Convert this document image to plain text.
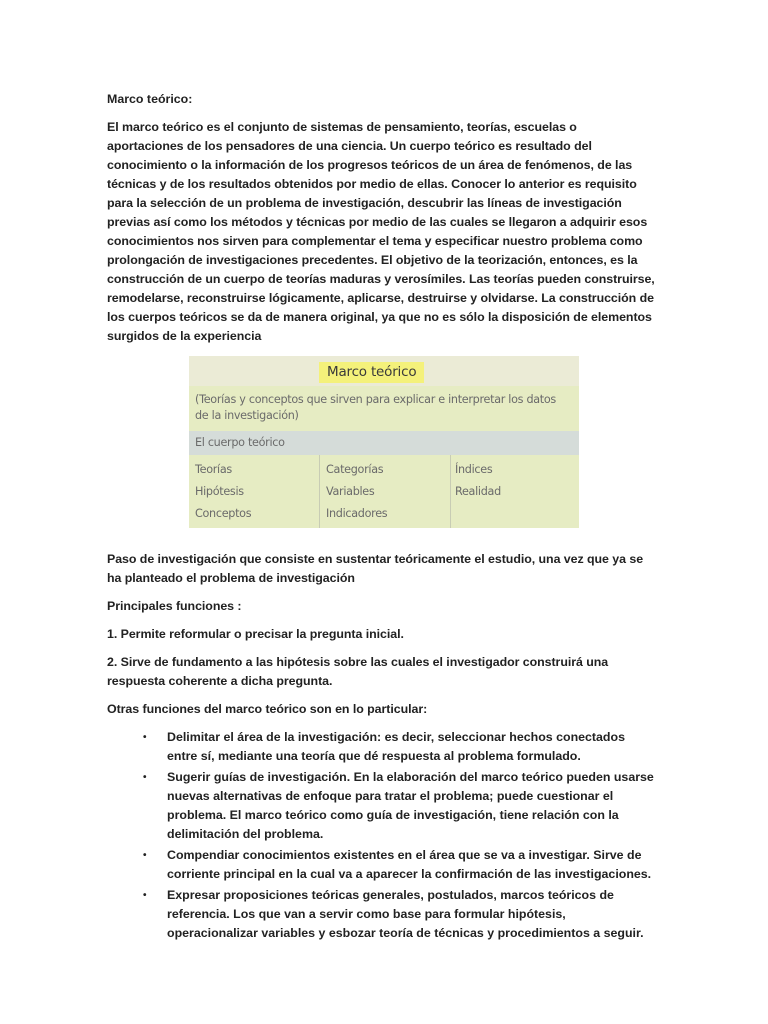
Marco teórico:

El marco teórico es el conjunto de sistemas de pensamiento, teorías, escuelas o aportaciones de los pensadores de una ciencia. Un cuerpo teórico es resultado del conocimiento o la información de los progresos teóricos de un área de fenómenos, de las técnicas y de los resultados obtenidos por medio de ellas. Conocer lo anterior es requisito para la selección de un problema de investigación, descubrir las líneas de investigación previas así como los métodos y técnicas por medio de las cuales se llegaron a adquirir esos conocimientos nos sirven para complementar el tema y especificar nuestro problema como prolongación de investigaciones precedentes. El objetivo de la teorización, entonces, es la construcción de un cuerpo de teorías maduras y verosímiles. Las teorías pueden construirse, remodelarse, reconstruirse lógicamente, aplicarse, destruirse y olvidarse. La construcción de los cuerpos teóricos se da de manera original, ya que no es sólo la disposición de elementos surgidos de la experiencia

Marco teórico
(Teorías y conceptos que sirven para explicar e interpretar los datos de la investigación)
El cuerpo teórico
Teorías
Hipótesis
Conceptos
Categorías
Variables
Indicadores
Índices
Realidad

Paso de investigación que consiste en sustentar teóricamente el estudio, una vez que ya se ha planteado el problema de investigación

Principales funciones :

1. Permite reformular o precisar la pregunta inicial.

2. Sirve de fundamento a las hipótesis sobre las cuales el investigador construirá una respuesta coherente a dicha pregunta.

Otras funciones del marco teórico son en lo particular:

• Delimitar el área de la investigación: es decir, seleccionar hechos conectados entre sí, mediante una teoría que dé respuesta al problema formulado.
• Sugerir guías de investigación. En la elaboración del marco teórico pueden usarse nuevas alternativas de enfoque para tratar el problema; puede cuestionar el problema. El marco teórico como guía de investigación, tiene relación con la delimitación del problema.
• Compendiar conocimientos existentes en el área que se va a investigar. Sirve de corriente principal en la cual va a aparecer la confirmación de las investigaciones.
• Expresar proposiciones teóricas generales, postulados, marcos teóricos de referencia. Los que van a servir como base para formular hipótesis, operacionalizar variables y esbozar teoría de técnicas y procedimientos a seguir.
